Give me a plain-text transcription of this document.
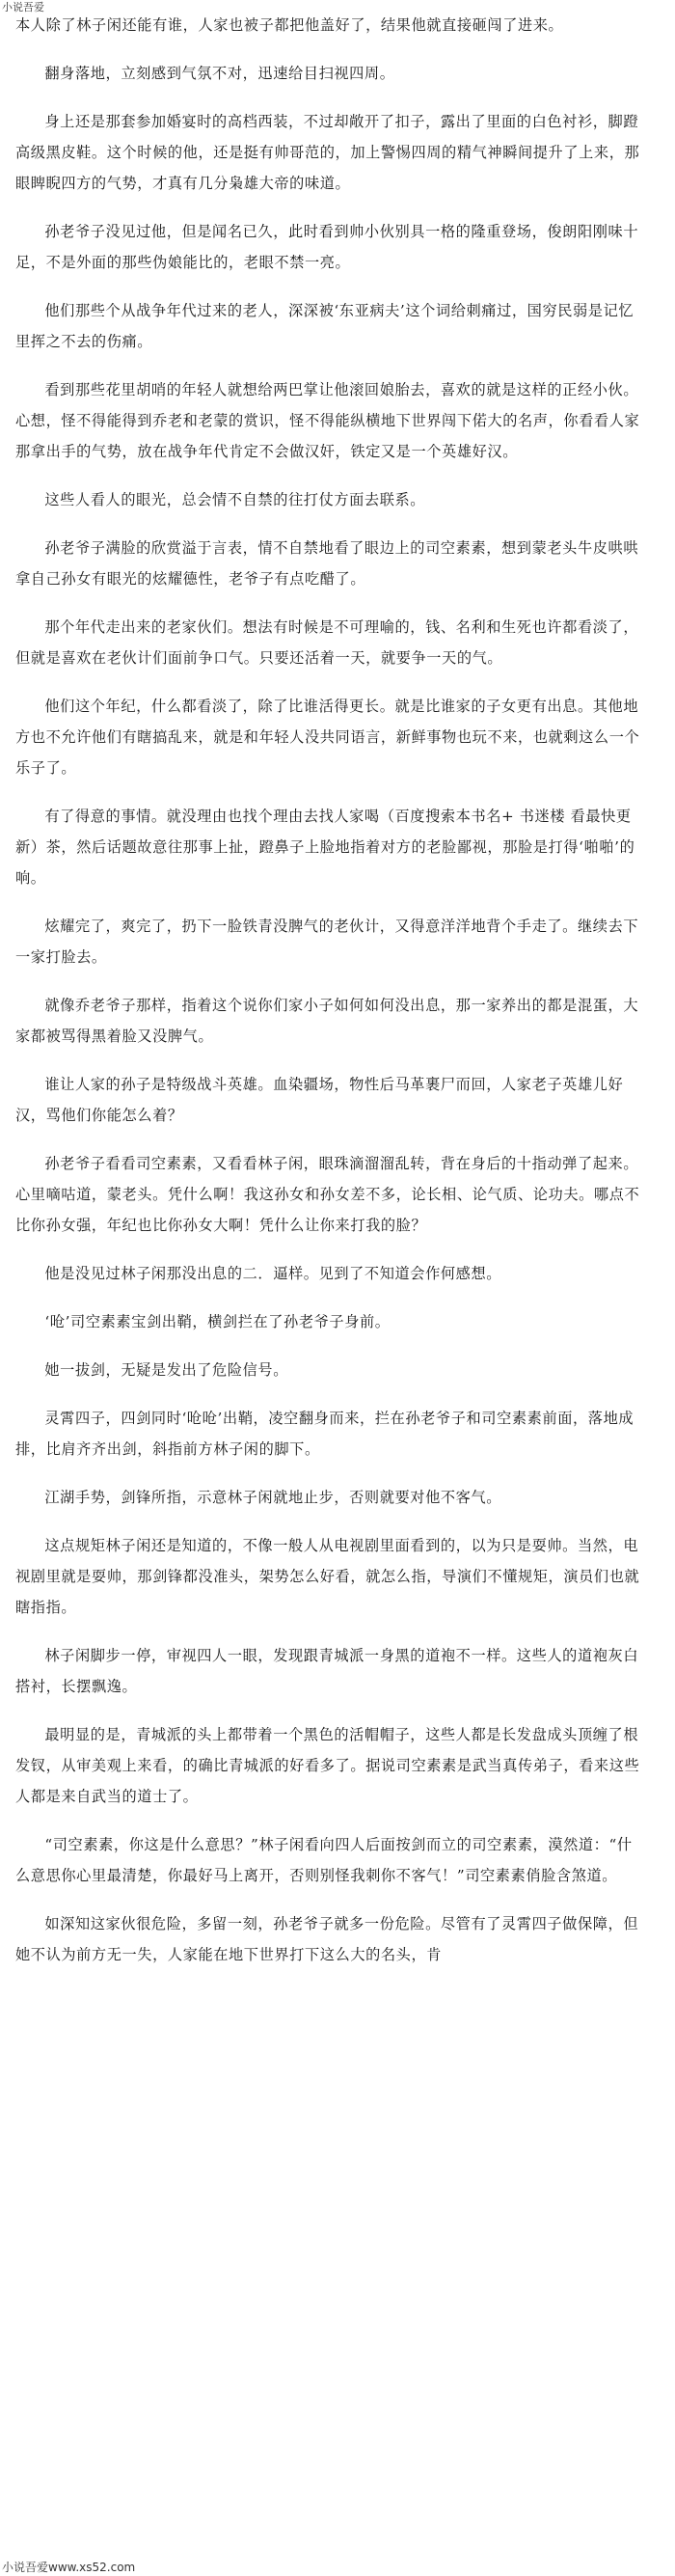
小说吾爱

本人除了林子闲还能有谁，人家也被子都把他盖好了，结果他就直接砸闯了进来。

翻身落地，立刻感到气氛不对，迅速给目扫视四周。

身上还是那套参加婚宴时的高档西装，不过却敞开了扣子，露出了里面的白色衬衫，脚蹬高级黑皮鞋。这个时候的他，还是挺有帅哥范的，加上警惕四周的精气神瞬间提升了上来，那眼睥睨四方的气势，才真有几分枭雄大帝的味道。

孙老爷子没见过他，但是闻名已久，此时看到帅小伙别具一格的隆重登场，俊朗阳刚味十足，不是外面的那些伪娘能比的，老眼不禁一亮。

他们那些个从战争年代过来的老人，深深被‘东亚病夫’这个词给刺痛过，国穷民弱是记忆里挥之不去的伤痛。

看到那些花里胡哨的年轻人就想给两巴掌让他滚回娘胎去，喜欢的就是这样的正经小伙。心想，怪不得能得到乔老和老蒙的赏识，怪不得能纵横地下世界闯下偌大的名声，你看看人家那拿出手的气势，放在战争年代肯定不会做汉奸，铁定又是一个英雄好汉。

这些人看人的眼光，总会情不自禁的往打仗方面去联系。

孙老爷子满脸的欣赏溢于言表，情不自禁地看了眼边上的司空素素，想到蒙老头牛皮哄哄拿自己孙女有眼光的炫耀德性，老爷子有点吃醋了。

那个年代走出来的老家伙们。想法有时候是不可理喻的，钱、名利和生死也许都看淡了，但就是喜欢在老伙计们面前争口气。只要还活着一天，就要争一天的气。

他们这个年纪，什么都看淡了，除了比谁活得更长。就是比谁家的子女更有出息。其他地方也不允许他们有瞎搞乱来，就是和年轻人没共同语言，新鲜事物也玩不来，也就剩这么一个乐子了。

有了得意的事情。就没理由也找个理由去找人家喝（百度搜索本书名+ 书迷楼 看最快更新）茶，然后话题故意往那事上扯，蹬鼻子上脸地指着对方的老脸鄙视，那脸是打得‘啪啪’的响。

炫耀完了，爽完了，扔下一脸铁青没脾气的老伙计，又得意洋洋地背个手走了。继续去下一家打脸去。

就像乔老爷子那样，指着这个说你们家小子如何如何没出息，那一家养出的都是混蛋，大家都被骂得黑着脸又没脾气。

谁让人家的孙子是特级战斗英雄。血染疆场，物性后马革裹尸而回，人家老子英雄儿好汉，骂他们你能怎么着？

孙老爷子看看司空素素，又看看林子闲，眼珠滴溜溜乱转，背在身后的十指动弹了起来。心里嘀咕道，蒙老头。凭什么啊！我这孙女和孙女差不多，论长相、论气质、论功夫。哪点不比你孙女强，年纪也比你孙女大啊！凭什么让你来打我的脸？

他是没见过林子闲那没出息的二．逼样。见到了不知道会作何感想。

‘呛’司空素素宝剑出鞘，横剑拦在了孙老爷子身前。

她一拔剑，无疑是发出了危险信号。

灵霄四子，四剑同时‘呛呛’出鞘，凌空翻身而来，拦在孙老爷子和司空素素前面，落地成排，比肩齐齐出剑，斜指前方林子闲的脚下。

江湖手势，剑锋所指，示意林子闲就地止步，否则就要对他不客气。

这点规矩林子闲还是知道的，不像一般人从电视剧里面看到的，以为只是耍帅。当然，电视剧里就是耍帅，那剑锋都没准头，架势怎么好看，就怎么指，导演们不懂规矩，演员们也就瞎指指。

林子闲脚步一停，审视四人一眼，发现跟青城派一身黑的道袍不一样。这些人的道袍灰白搭衬，长摆飘逸。

最明显的是，青城派的头上都带着一个黑色的活帽帽子，这些人都是长发盘成头顶缠了根发钗，从审美观上来看，的确比青城派的好看多了。据说司空素素是武当真传弟子，看来这些人都是来自武当的道士了。

“司空素素，你这是什么意思？”林子闲看向四人后面按剑而立的司空素素，漠然道：“什么意思你心里最清楚，你最好马上离开，否则别怪我刺你不客气！”司空素素俏脸含煞道。

如深知这家伙很危险，多留一刻，孙老爷子就多一份危险。尽管有了灵霄四子做保障，但她不认为前方无一失，人家能在地下世界打下这么大的名头，肯

小说吾爱www.xs52.com
